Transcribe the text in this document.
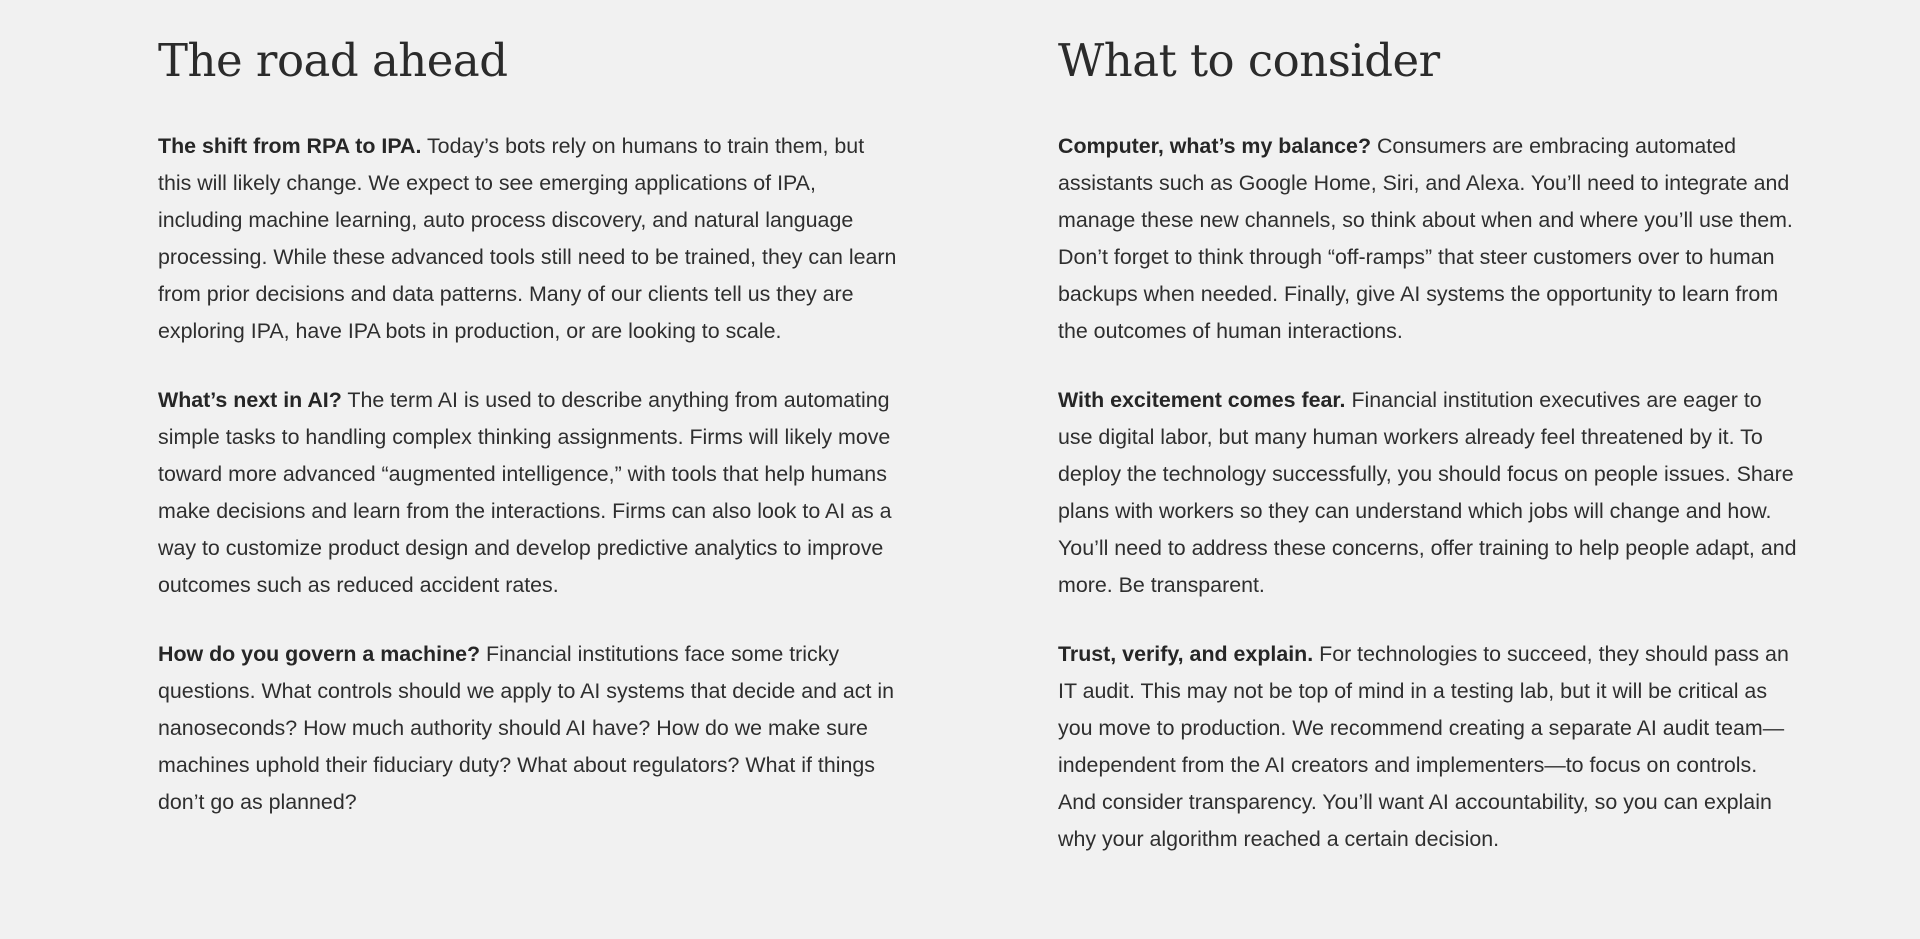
The road ahead

The shift from RPA to IPA. Today’s bots rely on humans to train them, but this will likely change. We expect to see emerging applications of IPA, including machine learning, auto process discovery, and natural language processing. While these advanced tools still need to be trained, they can learn from prior decisions and data patterns. Many of our clients tell us they are exploring IPA, have IPA bots in production, or are looking to scale.

What’s next in AI? The term AI is used to describe anything from automating simple tasks to handling complex thinking assignments. Firms will likely move toward more advanced “augmented intelligence,” with tools that help humans make decisions and learn from the interactions. Firms can also look to AI as a way to customize product design and develop predictive analytics to improve outcomes such as reduced accident rates.

How do you govern a machine? Financial institutions face some tricky questions. What controls should we apply to AI systems that decide and act in nanoseconds? How much authority should AI have? How do we make sure machines uphold their fiduciary duty? What about regulators? What if things don’t go as planned?

What to consider

Computer, what’s my balance? Consumers are embracing automated assistants such as Google Home, Siri, and Alexa. You’ll need to integrate and manage these new channels, so think about when and where you’ll use them. Don’t forget to think through “off-ramps” that steer customers over to human backups when needed. Finally, give AI systems the opportunity to learn from the outcomes of human interactions.

With excitement comes fear. Financial institution executives are eager to use digital labor, but many human workers already feel threatened by it. To deploy the technology successfully, you should focus on people issues. Share plans with workers so they can understand which jobs will change and how. You’ll need to address these concerns, offer training to help people adapt, and more. Be transparent.

Trust, verify, and explain. For technologies to succeed, they should pass an IT audit. This may not be top of mind in a testing lab, but it will be critical as you move to production. We recommend creating a separate AI audit team—independent from the AI creators and implementers—to focus on controls. And consider transparency. You’ll want AI accountability, so you can explain why your algorithm reached a certain decision.
